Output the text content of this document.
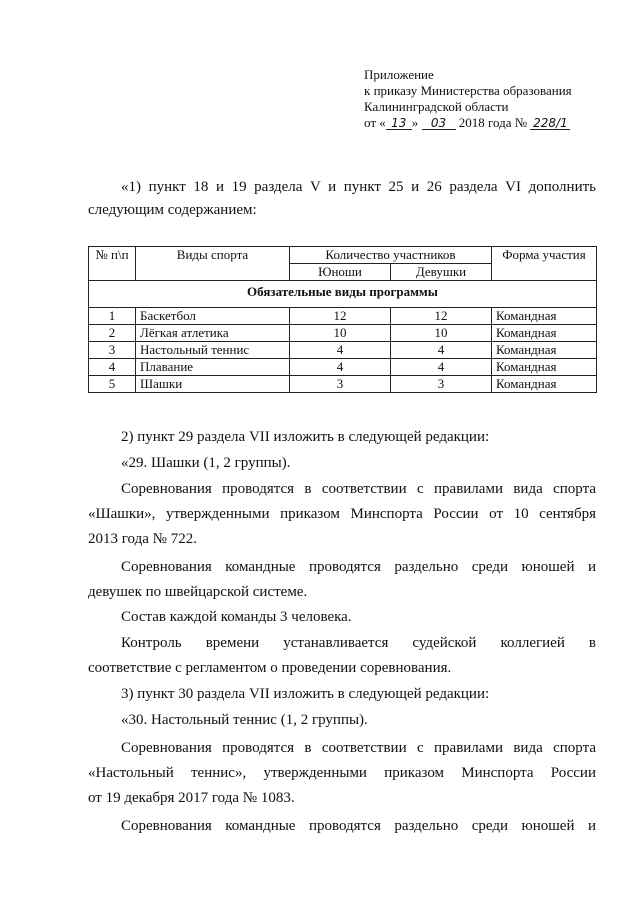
Приложение
к приказу Министерства образования
Калининградской области
от « 13 » 03 2018 года № 228/1
«1) пункт 18 и 19 раздела V и пункт 25 и 26 раздела VI дополнить
следующим содержанием:
№ п\п	Виды спорта	Количество участников		Форма участия
		Юноши	Девушки	
Обязательные виды программы				
1	Баскетбол	12	12	Командная
2	Лёгкая атлетика	10	10	Командная
3	Настольный теннис	4	4	Командная
4	Плавание	4	4	Командная
5	Шашки	3	3	Командная
2) пункт 29 раздела VII изложить в следующей редакции:
«29. Шашки (1, 2 группы).
Соревнования проводятся в соответствии с правилами вида спорта
«Шашки», утвержденными приказом Минспорта России от 10 сентября
2013 года № 722.
Соревнования командные проводятся раздельно среди юношей и
девушек по швейцарской системе.
Состав каждой команды 3 человека.
Контроль времени устанавливается судейской коллегией в
соответствие с регламентом о проведении соревнования.
3) пункт 30 раздела VII изложить в следующей редакции:
«30. Настольный теннис (1, 2 группы).
Соревнования проводятся в соответствии с правилами вида спорта
«Настольный теннис», утвержденными приказом Минспорта России
от 19 декабря 2017 года № 1083.
Соревнования командные проводятся раздельно среди юношей и
